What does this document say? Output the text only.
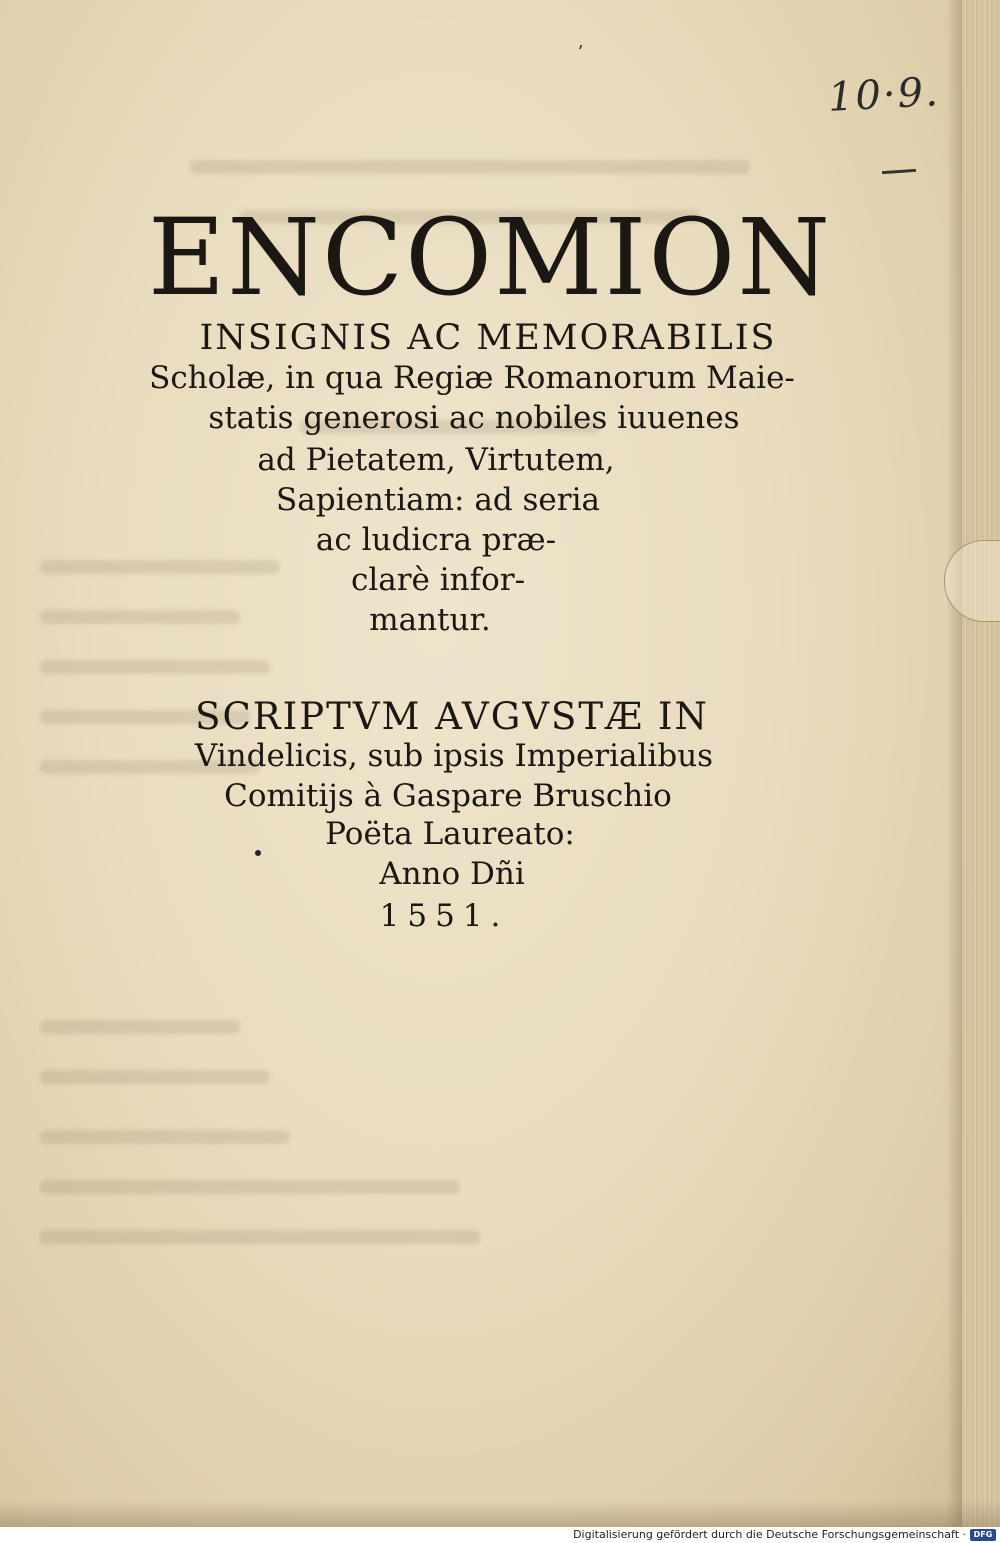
ʼ
10·9.
ENCOMION
INSIGNIS AC MEMORABILIS
Scholæ, in qua Regiæ Romanorum Maie-
statis generosi ac nobiles iuuenes
ad Pietatem, Virtutem,
Sapientiam: ad seria
ac ludicra præ-
clarè infor-
mantur.
SCRIPTVM AVGVSTÆ IN
Vindelicis, sub ipsis Imperialibus
Comitijs à Gaspare Bruschio
Poëta Laureato:
Anno Dñi
1551.
Digitalisierung gefördert durch die Deutsche Forschungsgemeinschaft · DFG
